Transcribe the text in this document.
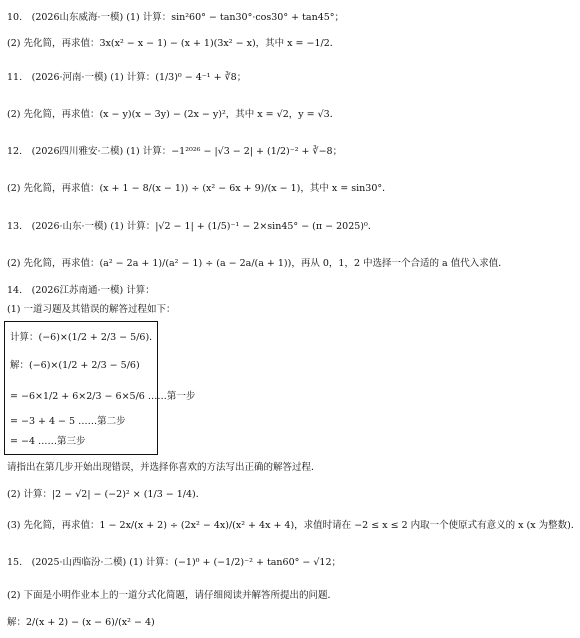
10.　(2026山东威海·一模) (1) 计算：sin²60° − tan30°·cos30° + tan45°；
(2) 先化简，再求值：3x(x² − x − 1) − (x + 1)(3x² − x)，其中 x = −1/2．
11.　(2026·河南·一模) (1) 计算：(1/3)⁰ − 4⁻¹ + ∛8；
(2) 先化简，再求值：(x − y)(x − 3y) − (2x − y)²，其中 x = √2，y = √3．
12.　(2026四川雅安·二模) (1) 计算：−1²⁰²⁶ − |√3 − 2| + (1/2)⁻² + ∛−8；
(2) 先化简，再求值：(x + 1 − 8/(x − 1)) ÷ (x² − 6x + 9)/(x − 1)，其中 x = sin30°．
13.　(2026·山东·一模) (1) 计算：|√2 − 1| + (1/5)⁻¹ − 2×sin45° − (π − 2025)⁰．
(2) 先化简，再求值：(a² − 2a + 1)/(a² − 1) ÷ (a − 2a/(a + 1))，再从 0，1，2 中选择一个合适的 a 值代入求值．
14.　(2026江苏南通·一模) 计算：
(1) 一道习题及其错误的解答过程如下：
计算：(−6)×(1/2 + 2/3 − 5/6)．
解：(−6)×(1/2 + 2/3 − 5/6)
= −6×1/2 + 6×2/3 − 6×5/6 ……第一步
= −3 + 4 − 5 ……第二步
= −4 ……第三步
请指出在第几步开始出现错误，并选择你喜欢的方法写出正确的解答过程．
(2) 计算：|2 − √2| − (−2)² × (1/3 − 1/4)．
(3) 先化简，再求值：1 − 2x/(x + 2) ÷ (2x² − 4x)/(x² + 4x + 4)，求值时请在 −2 ≤ x ≤ 2 内取一个使原式有意义的 x (x 为整数)．
15.　(2025·山西临汾·二模) (1) 计算：(−1)⁰ + (−1/2)⁻² + tan60° − √12；
(2) 下面是小明作业本上的一道分式化简题，请仔细阅读并解答所提出的问题．
解：2/(x + 2) − (x − 6)/(x² − 4)
